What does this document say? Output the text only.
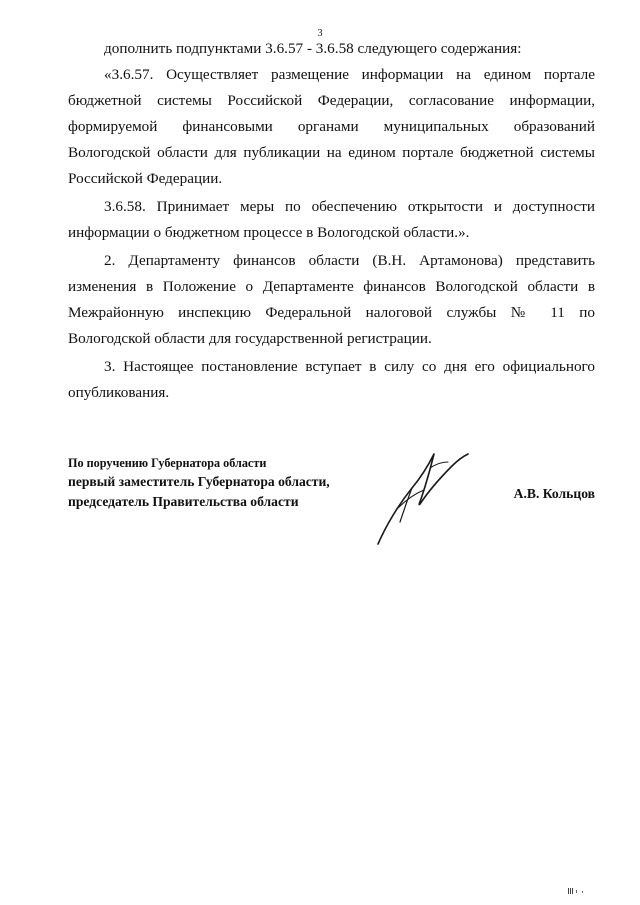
3

дополнить подпунктами 3.6.57 - 3.6.58 следующего содержания:

«3.6.57. Осуществляет размещение информации на едином портале бюджетной системы Российской Федерации, согласование информации, формируемой финансовыми органами муниципальных образований Вологодской области для публикации на едином портале бюджетной системы Российской Федерации.

3.6.58. Принимает меры по обеспечению открытости и доступности информации о бюджетном процессе в Вологодской области.».

2. Департаменту финансов области (В.Н. Артамонова) представить изменения в Положение о Департаменте финансов Вологодской области в Межрайонную инспекцию Федеральной налоговой службы № 11 по Вологодской области для государственной регистрации.

3. Настоящее постановление вступает в силу со дня его официального опубликования.

По поручению Губернатора области
первый заместитель Губернатора области,
председатель Правительства области
А.В. Кольцов
